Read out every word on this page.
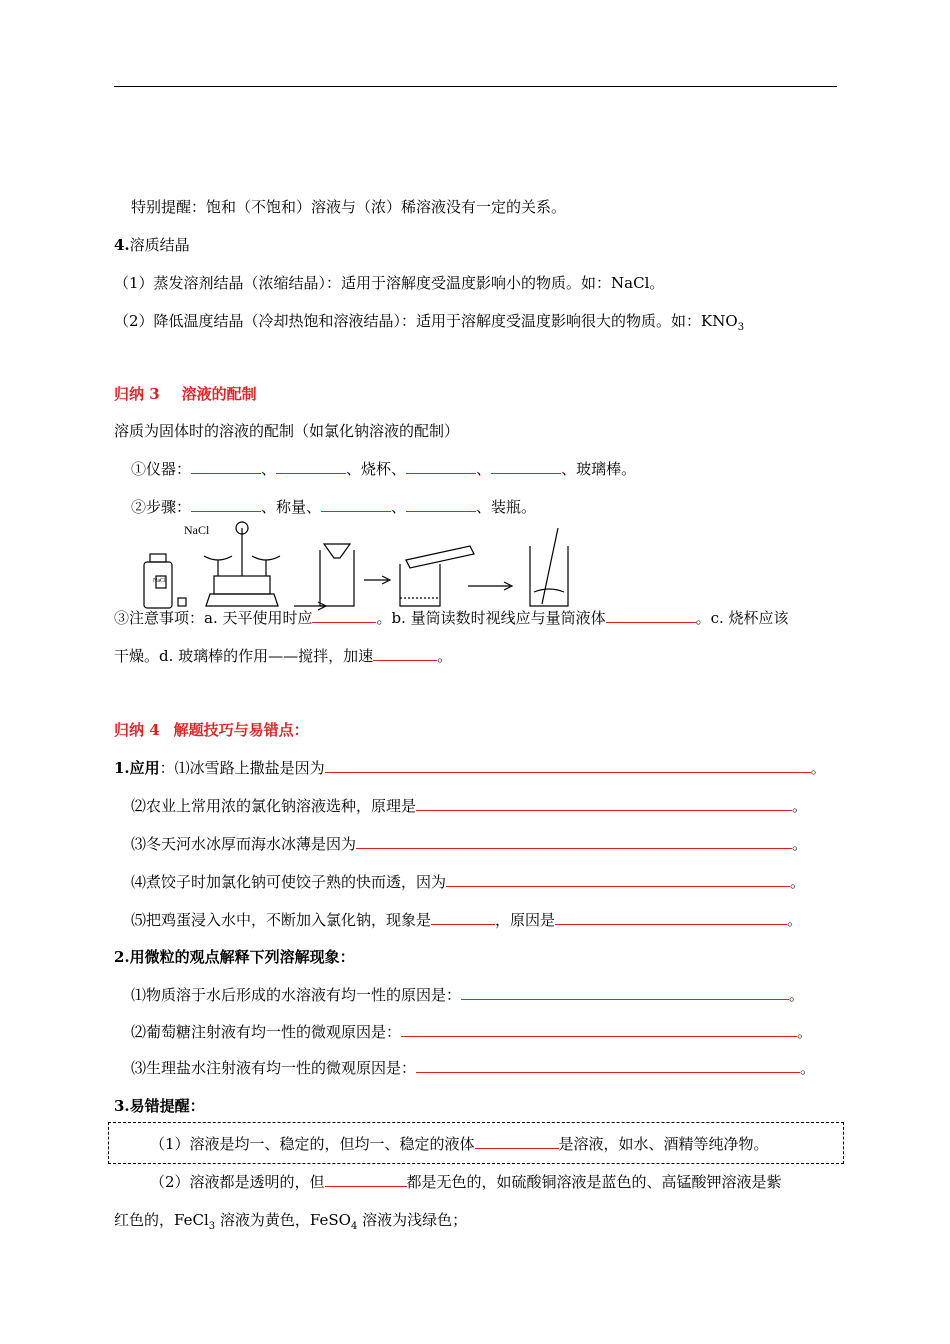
特别提醒：饱和（不饱和）溶液与（浓）稀溶液没有一定的关系。
4.溶质结晶
（1）蒸发溶剂结晶（浓缩结晶）：适用于溶解度受温度影响小的物质。如：NaCl。
（2）降低温度结晶（冷却热饱和溶液结晶）：适用于溶解度受温度影响很大的物质。如：$KNO_3$
归纳 3 溶液的配制
溶质为固体时的溶液的配制（如氯化钠溶液的配制）
①仪器：	、	、烧杯、	、	、玻璃棒。
②步骤：	、称量、	、	、装瓶。
NaCl
NaCl
③注意事项：a. 天平使用时应	。b. 量筒读数时视线应与量筒液体	。c. 烧杯应该
干燥。d. 玻璃棒的作用——搅拌，加速	。
归纳 4 解题技巧与易错点：
1.应用：⑴冰雪路上撒盐是因为	。
⑵农业上常用浓的氯化钠溶液选种，原理是	。
⑶冬天河水冰厚而海水冰薄是因为	。
⑷煮饺子时加氯化钠可使饺子熟的快而透，因为	。
⑸把鸡蛋浸入水中，不断加入氯化钠，现象是	，原因是	。
2.用微粒的观点解释下列溶解现象：
⑴物质溶于水后形成的水溶液有均一性的原因是：	。
⑵葡萄糖注射液有均一性的微观原因是：	。
⑶生理盐水注射液有均一性的微观原因是：	。
3.易错提醒：
（1）溶液是均一、稳定的，但均一、稳定的液体	是溶液，如水、酒精等纯净物。
（2）溶液都是透明的，但	都是无色的，如硫酸铜溶液是蓝色的、高锰酸钾溶液是紫
红色的，FeCl$_3$ 溶液为黄色，FeSO$_4$ 溶液为浅绿色；
